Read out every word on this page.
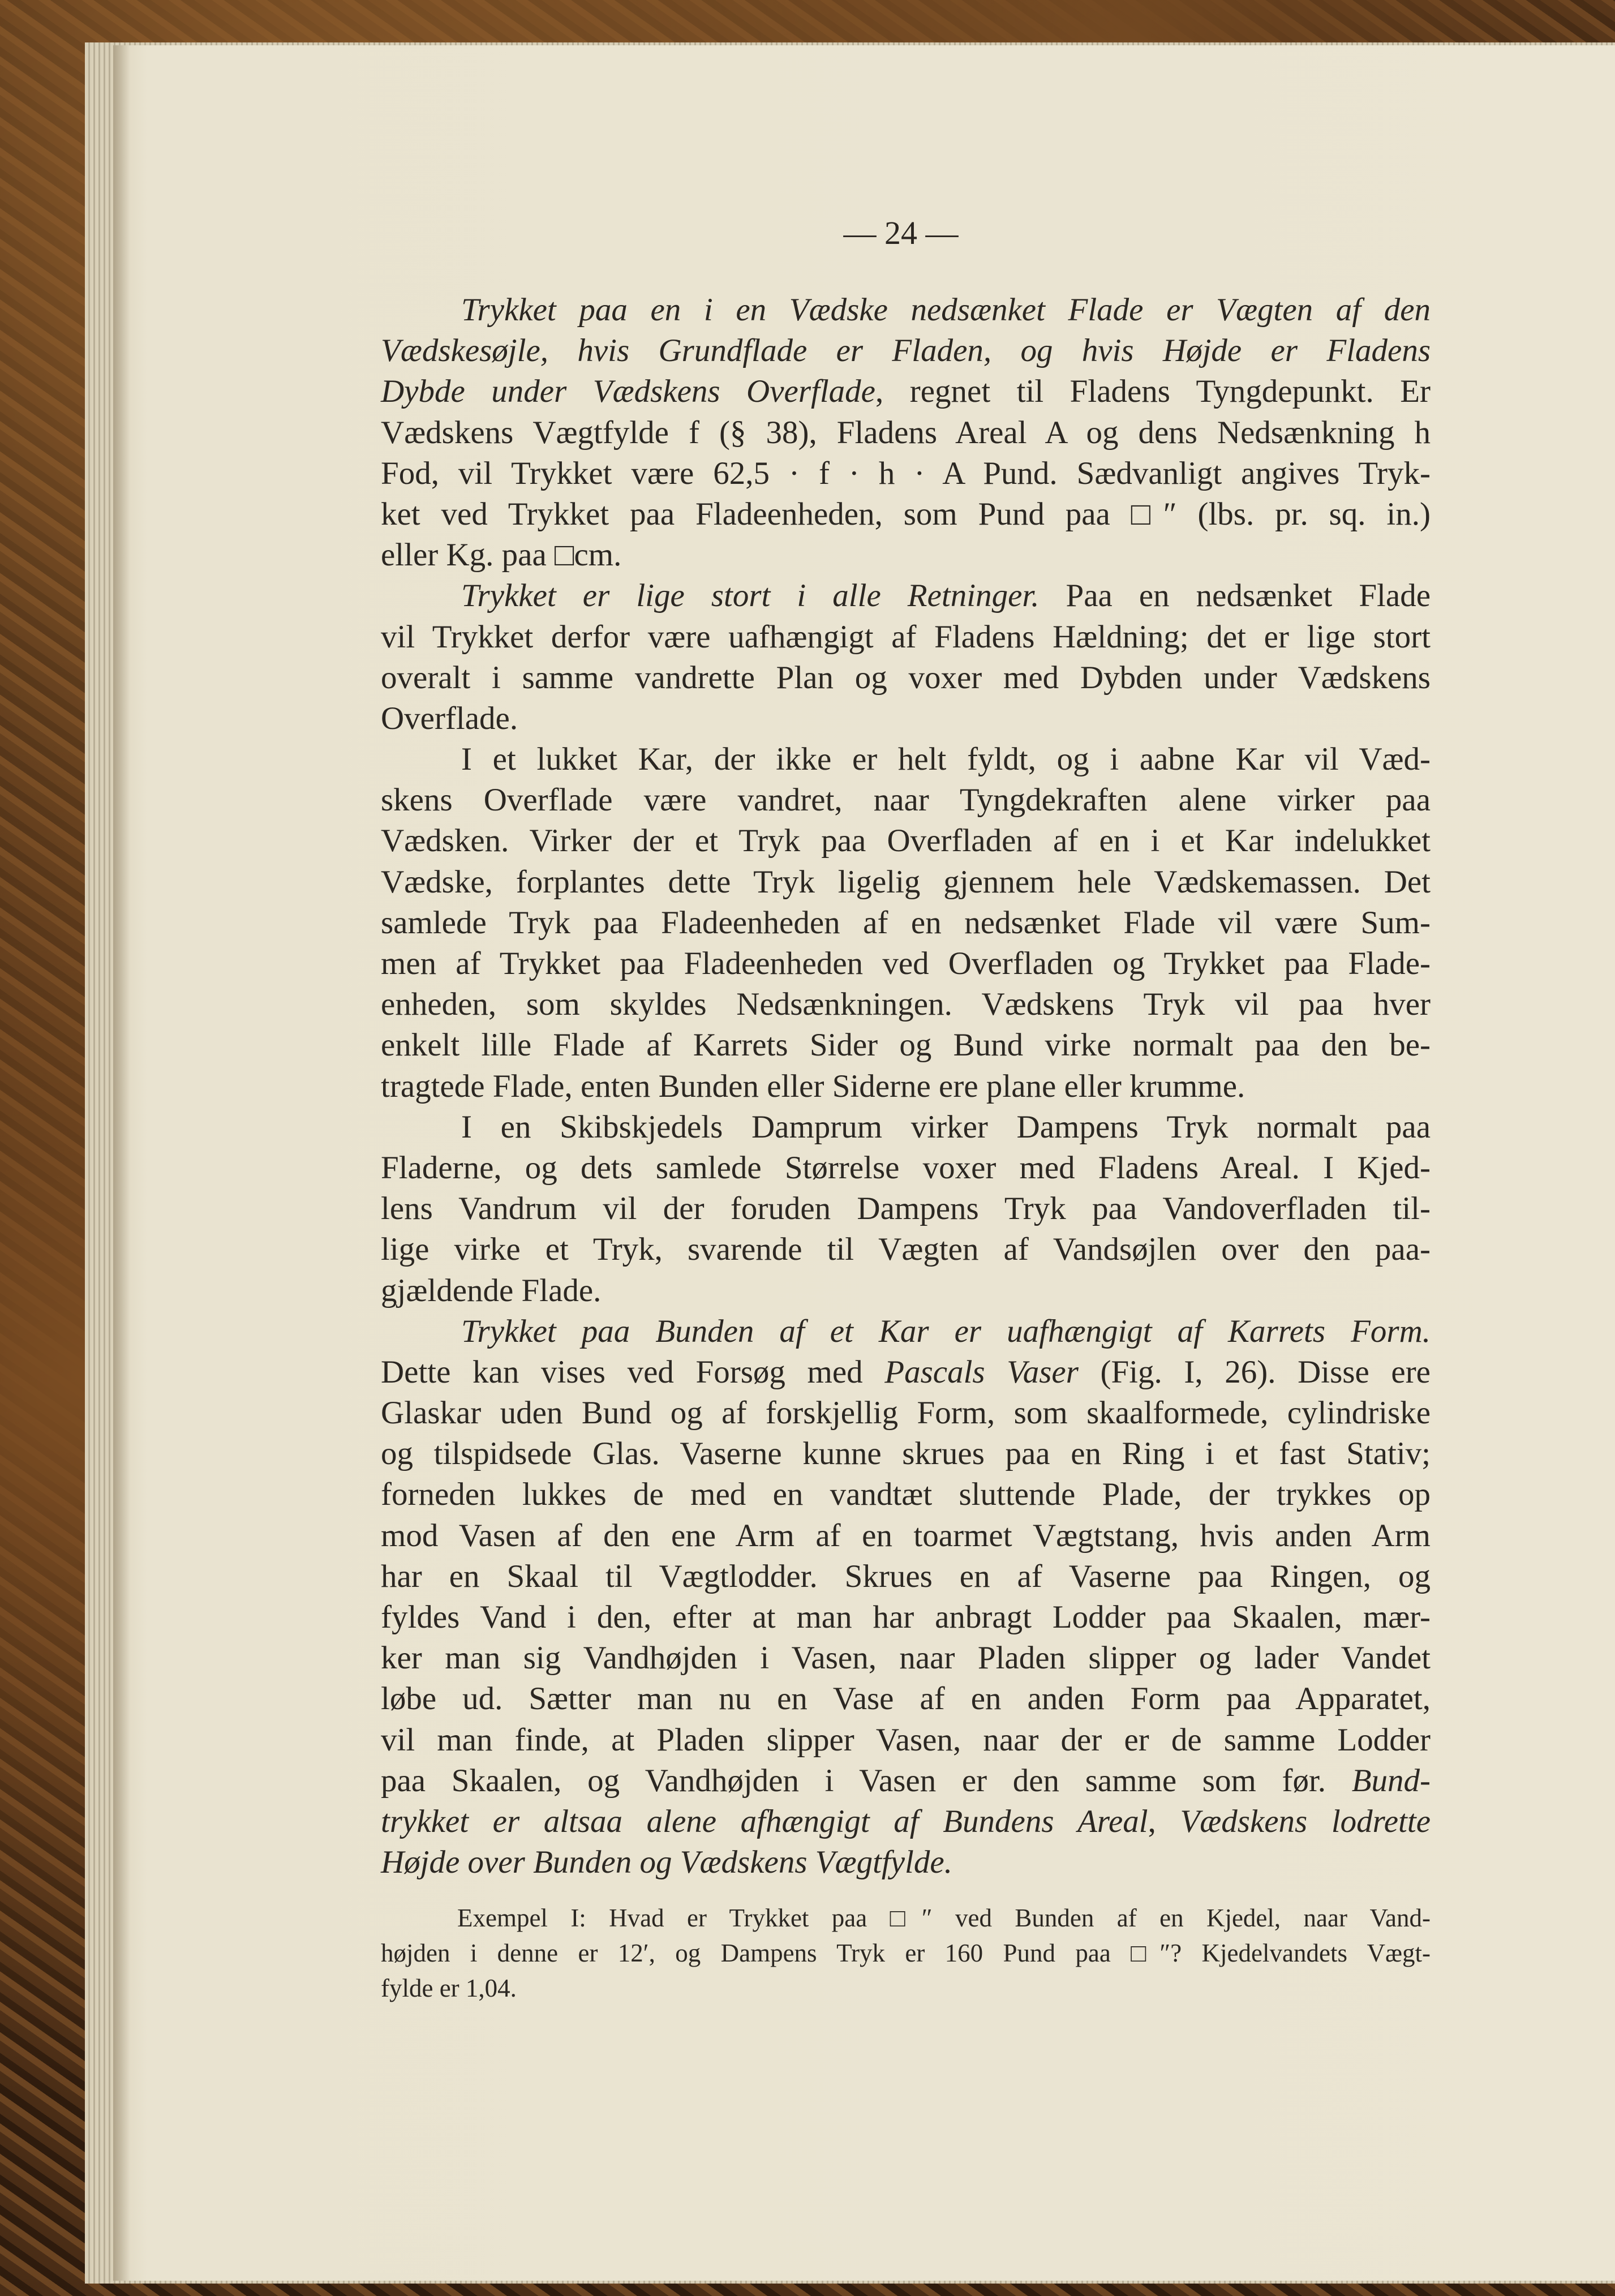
— 24 —
Trykket paa en i en Vædske nedsænket Flade er Vægten af den
Vædskesøjle, hvis Grundflade er Fladen, og hvis Højde er Fladens
Dybde under Vædskens Overflade, regnet til Fladens Tyngdepunkt. Er
Vædskens Vægtfylde f (§ 38), Fladens Areal A og dens Nedsænkning h
Fod, vil Trykket være 62,5 · f · h · A Pund. Sædvanligt angives Tryk-
ket ved Trykket paa Fladeenheden, som Pund paa □″ (lbs. pr. sq. in.)
eller Kg. paa □cm.
Trykket er lige stort i alle Retninger. Paa en nedsænket Flade
vil Trykket derfor være uafhængigt af Fladens Hældning; det er lige stort
overalt i samme vandrette Plan og voxer med Dybden under Vædskens
Overflade.
I et lukket Kar, der ikke er helt fyldt, og i aabne Kar vil Væd-
skens Overflade være vandret, naar Tyngdekraften alene virker paa
Vædsken. Virker der et Tryk paa Overfladen af en i et Kar indelukket
Vædske, forplantes dette Tryk ligelig gjennem hele Vædskemassen. Det
samlede Tryk paa Fladeenheden af en nedsænket Flade vil være Sum-
men af Trykket paa Fladeenheden ved Overfladen og Trykket paa Flade-
enheden, som skyldes Nedsænkningen. Vædskens Tryk vil paa hver
enkelt lille Flade af Karrets Sider og Bund virke normalt paa den be-
tragtede Flade, enten Bunden eller Siderne ere plane eller krumme.
I en Skibskjedels Damprum virker Dampens Tryk normalt paa
Fladerne, og dets samlede Størrelse voxer med Fladens Areal. I Kjed-
lens Vandrum vil der foruden Dampens Tryk paa Vandoverfladen til-
lige virke et Tryk, svarende til Vægten af Vandsøjlen over den paa-
gjældende Flade.
Trykket paa Bunden af et Kar er uafhængigt af Karrets Form.
Dette kan vises ved Forsøg med Pascals Vaser (Fig. I, 26). Disse ere
Glaskar uden Bund og af forskjellig Form, som skaalformede, cylindriske
og tilspidsede Glas. Vaserne kunne skrues paa en Ring i et fast Stativ;
forneden lukkes de med en vandtæt sluttende Plade, der trykkes op
mod Vasen af den ene Arm af en toarmet Vægtstang, hvis anden Arm
har en Skaal til Vægtlodder. Skrues en af Vaserne paa Ringen, og
fyldes Vand i den, efter at man har anbragt Lodder paa Skaalen, mær-
ker man sig Vandhøjden i Vasen, naar Pladen slipper og lader Vandet
løbe ud. Sætter man nu en Vase af en anden Form paa Apparatet,
vil man finde, at Pladen slipper Vasen, naar der er de samme Lodder
paa Skaalen, og Vandhøjden i Vasen er den samme som før. Bund-
trykket er altsaa alene afhængigt af Bundens Areal, Vædskens lodrette
Højde over Bunden og Vædskens Vægtfylde.
Exempel I: Hvad er Trykket paa □″ ved Bunden af en Kjedel, naar Vand-
højden i denne er 12′, og Dampens Tryk er 160 Pund paa □″? Kjedelvandets Vægt-
fylde er 1,04.
